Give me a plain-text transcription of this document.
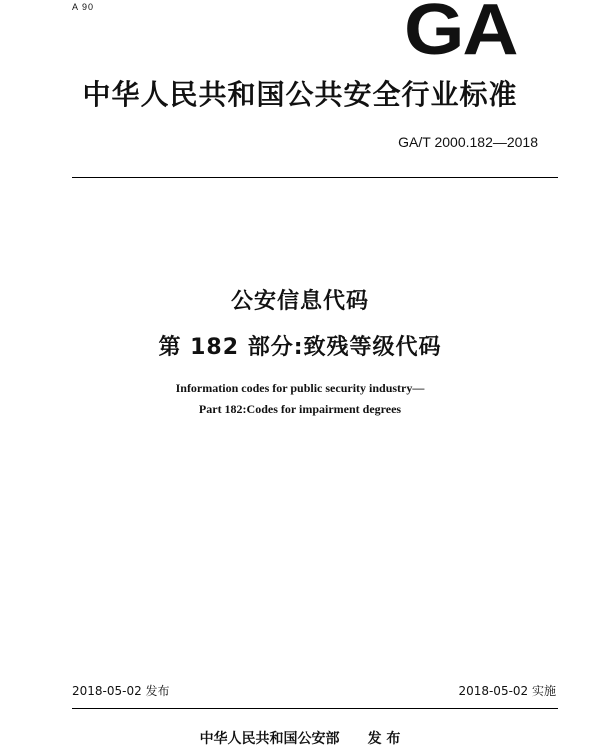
A 90	GA
中华人民共和国公共安全行业标准
GA/T 2000.182—2018
公安信息代码
第 182 部分:致残等级代码
Information codes for public security industry—
Part 182:Codes for impairment degrees
2018-05-02 发布	2018-05-02 实施
中华人民共和国公安部 发 布
